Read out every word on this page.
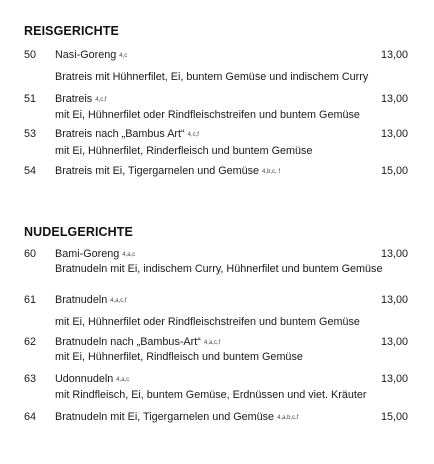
REISGERICHTE
50 Nasi-Goreng 4,c	13,00
Bratreis mit Hühnerfilet, Ei, buntem Gemüse und indischem Curry
51 Bratreis 4,c,f	13,00
mit Ei, Hühnerfilet oder Rindfleischstreifen und buntem Gemüse
53 Bratreis nach „Bambus Art“ 4,c,f	13,00
mit Ei, Hühnerfilet, Rinderfleisch und buntem Gemüse
54 Bratreis mit Ei, Tigergarnelen und Gemüse 4,b,c, f	15,00
NUDELGERICHTE
60 Bami-Goreng 4,a,c	13,00
Bratnudeln mit Ei, indischem Curry, Hühnerfilet und buntem Gemüse
61 Bratnudeln 4,a,c,f	13,00
mit Ei, Hühnerfilet oder Rindfleischstreifen und buntem Gemüse
62 Bratnudeln nach „Bambus-Art“ 4,a,c,f	13,00
mit Ei, Hühnerfilet, Rindfleisch und buntem Gemüse
63 Udonnudeln 4,a,c	13,00
mit Rindfleisch, Ei, buntem Gemüse, Erdnüssen und viet. Kräuter
64 Bratnudeln mit Ei, Tigergarnelen und Gemüse 4,a,b,c,f	15,00
